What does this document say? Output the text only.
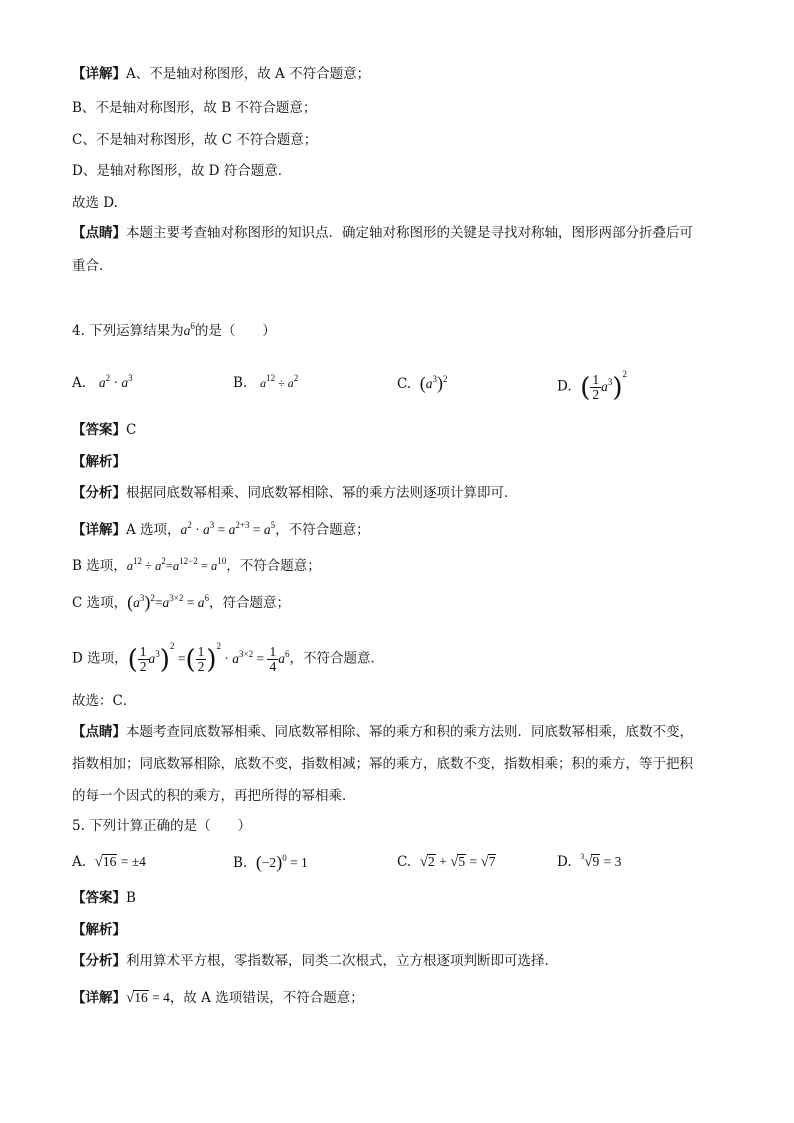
【详解】A、不是轴对称图形，故 A 不符合题意；
B、不是轴对称图形，故 B 不符合题意；
C、不是轴对称图形，故 C 不符合题意；
D、是轴对称图形，故 D 符合题意．
故选 D.
【点睛】本题主要考查轴对称图形的知识点．确定轴对称图形的关键是寻找对称轴，图形两部分折叠后可
重合．
4. 下列运算结果为$a^6$的是（　　）
A. $a^2 \cdot a^3$	B. $a^{12} \div a^2$	C. $(a^3)^2$	D. ( $\frac{1}{2} a^3)^2$
【答案】C
【解析】
【分析】根据同底数幂相乘、同底数幂相除、幂的乘方法则逐项计算即可．
【详解】A 选项，$a^2 \cdot a^3 = a^{2+3} = a^5$，不符合题意；
B 选项，$a^{12} \div a^2=a^{12-2} = a^{10}$，不符合题意；
C 选项，$(a^3)^2=a^{3\times 2} = a^6$，符合题意；
D 选项，( $\frac{1}{2} a^3)^2$ =( $\frac{1}{2} )^2 \cdot a^{3\times 2} = \frac{1}{4} a^6$，不符合题意．
故选：C．
【点睛】本题考查同底数幂相乘、同底数幂相除、幂的乘方和积的乘方法则．同底数幂相乘，底数不变，
指数相加；同底数幂相除，底数不变，指数相减；幂的乘方，底数不变，指数相乘；积的乘方，等于把积
的每一个因式的积的乘方，再把所得的幂相乘．
5. 下列计算正确的是（　　）
A. √16 = ±4	B. $(-2)^0 = 1$	C. √2 + √5 = √7	D. $^3$√9 = 3
【答案】B
【解析】
【分析】利用算术平方根，零指数幂，同类二次根式，立方根逐项判断即可选择．
【详解】√16 = 4，故 A 选项错误，不符合题意；
